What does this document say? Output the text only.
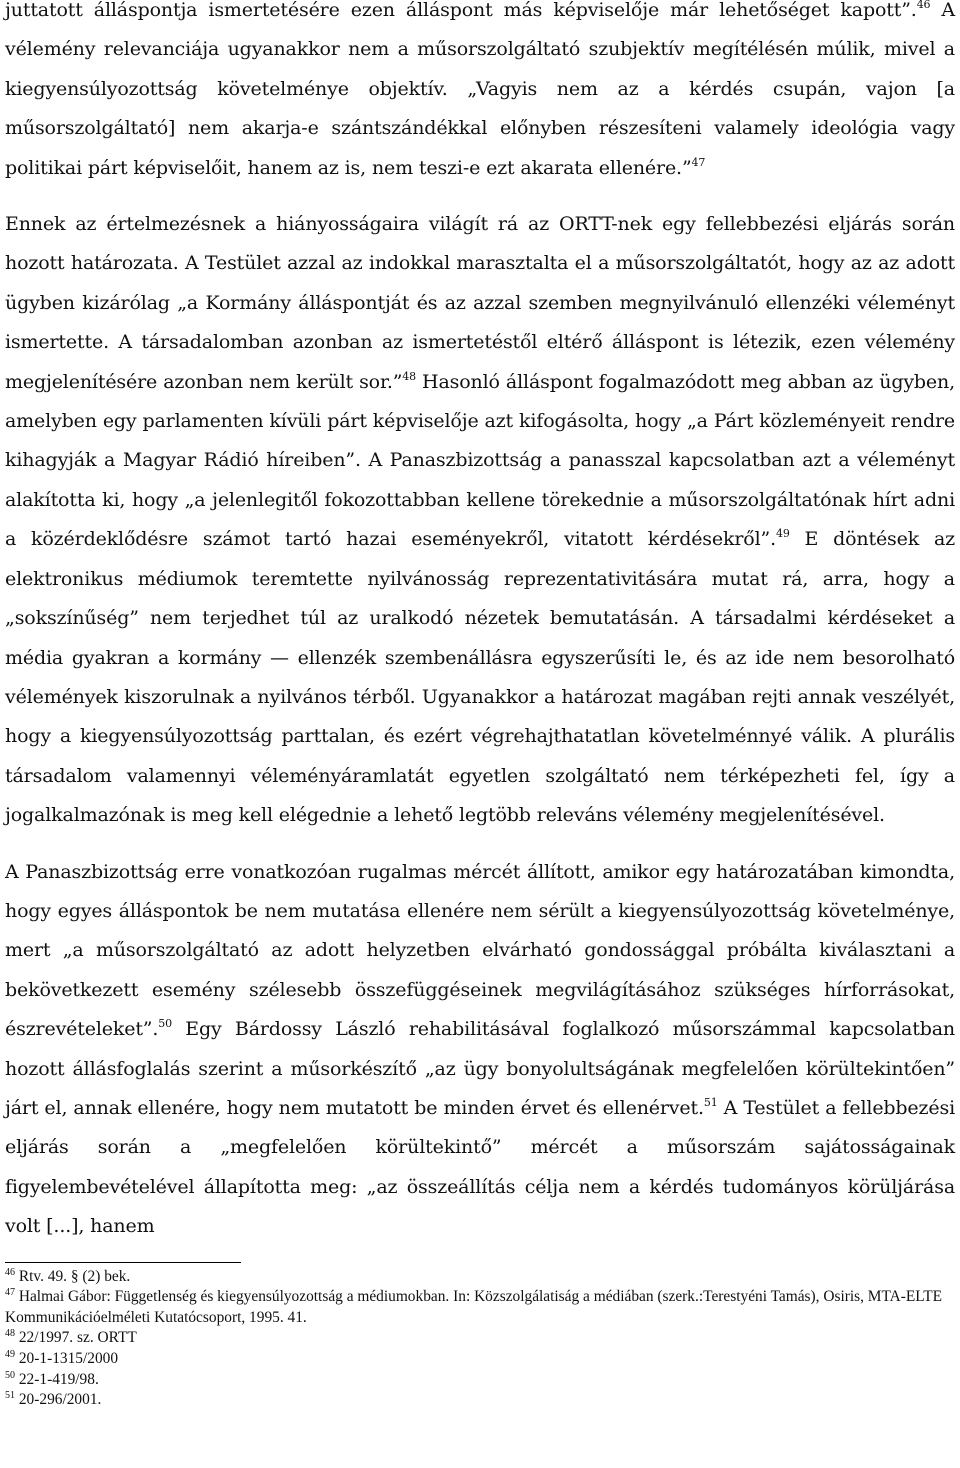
juttatott álláspontja ismertetésére ezen álláspont más képviselője már lehetőséget kapott”.$^{46}$ A vélemény relevanciája ugyanakkor nem a műsorszolgáltató szubjektív megítélésén múlik, mivel a kiegyensúlyozottság követelménye objektív. „Vagyis nem az a kérdés csupán, vajon [a műsorszolgáltató] nem akarja-e szántszándékkal előnyben részesíteni valamely ideológia vagy politikai párt képviselőit, hanem az is, nem teszi-e ezt akarata ellenére.”$^{47}$

Ennek az értelmezésnek a hiányosságaira világít rá az ORTT-nek egy fellebbezési eljárás során hozott határozata. A Testület azzal az indokkal marasztalta el a műsorszolgáltatót, hogy az az adott ügyben kizárólag „a Kormány álláspontját és az azzal szemben megnyilvánuló ellenzéki véleményt ismertette. A társadalomban azonban az ismertetéstől eltérő álláspont is létezik, ezen vélemény megjelenítésére azonban nem került sor.”$^{48}$ Hasonló álláspont fogalmazódott meg abban az ügyben, amelyben egy parlamenten kívüli párt képviselője azt kifogásolta, hogy „a Párt közleményeit rendre kihagyják a Magyar Rádió híreiben”. A Panaszbizottság a panasszal kapcsolatban azt a véleményt alakította ki, hogy „a jelenlegitől fokozottabban kellene törekednie a műsorszolgáltatónak hírt adni a közérdeklődésre számot tartó hazai eseményekről, vitatott kérdésekről”.$^{49}$ E döntések az elektronikus médiumok teremtette nyilvánosság reprezentativitására mutat rá, arra, hogy a „sokszínűség” nem terjedhet túl az uralkodó nézetek bemutatásán. A társadalmi kérdéseket a média gyakran a kormány — ellenzék szembenállásra egyszerűsíti le, és az ide nem besorolható vélemények kiszorulnak a nyilvános térből. Ugyanakkor a határozat magában rejti annak veszélyét, hogy a kiegyensúlyozottság parttalan, és ezért végrehajthatatlan követelménnyé válik. A plurális társadalom valamennyi véleményáramlatát egyetlen szolgáltató nem térképezheti fel, így a jogalkalmazónak is meg kell elégednie a lehető legtöbb releváns vélemény megjelenítésével.

A Panaszbizottság erre vonatkozóan rugalmas mércét állított, amikor egy határozatában kimondta, hogy egyes álláspontok be nem mutatása ellenére nem sérült a kiegyensúlyozottság követelménye, mert „a műsorszolgáltató az adott helyzetben elvárható gondossággal próbálta kiválasztani a bekövetkezett esemény szélesebb összefüggéseinek megvilágításához szükséges hírforrásokat, észrevételeket”.$^{50}$ Egy Bárdossy László rehabilitásával foglalkozó műsorszámmal kapcsolatban hozott állásfoglalás szerint a műsorkészítő „az ügy bonyolultságának megfelelően körültekintően” járt el, annak ellenére, hogy nem mutatott be minden érvet és ellenérvet.$^{51}$ A Testület a fellebbezési eljárás során a „megfelelően körültekintő” mércét a műsorszám sajátosságainak figyelembevételével állapította meg: „az összeállítás célja nem a kérdés tudományos körüljárása volt [...], hanem

$^{46}$ Rtv. 49. § (2) bek.

$^{47}$ Halmai Gábor: Függetlenség és kiegyensúlyozottság a médiumokban. In: Közszolgálatiság a médiában (szerk.:Terestyéni Tamás), Osiris, MTA-ELTE Kommunikációelméleti Kutatócsoport, 1995. 41.

$^{48}$ 22/1997. sz. ORTT

$^{49}$ 20-1-1315/2000

$^{50}$ 22-1-419/98.

$^{51}$ 20-296/2001.
